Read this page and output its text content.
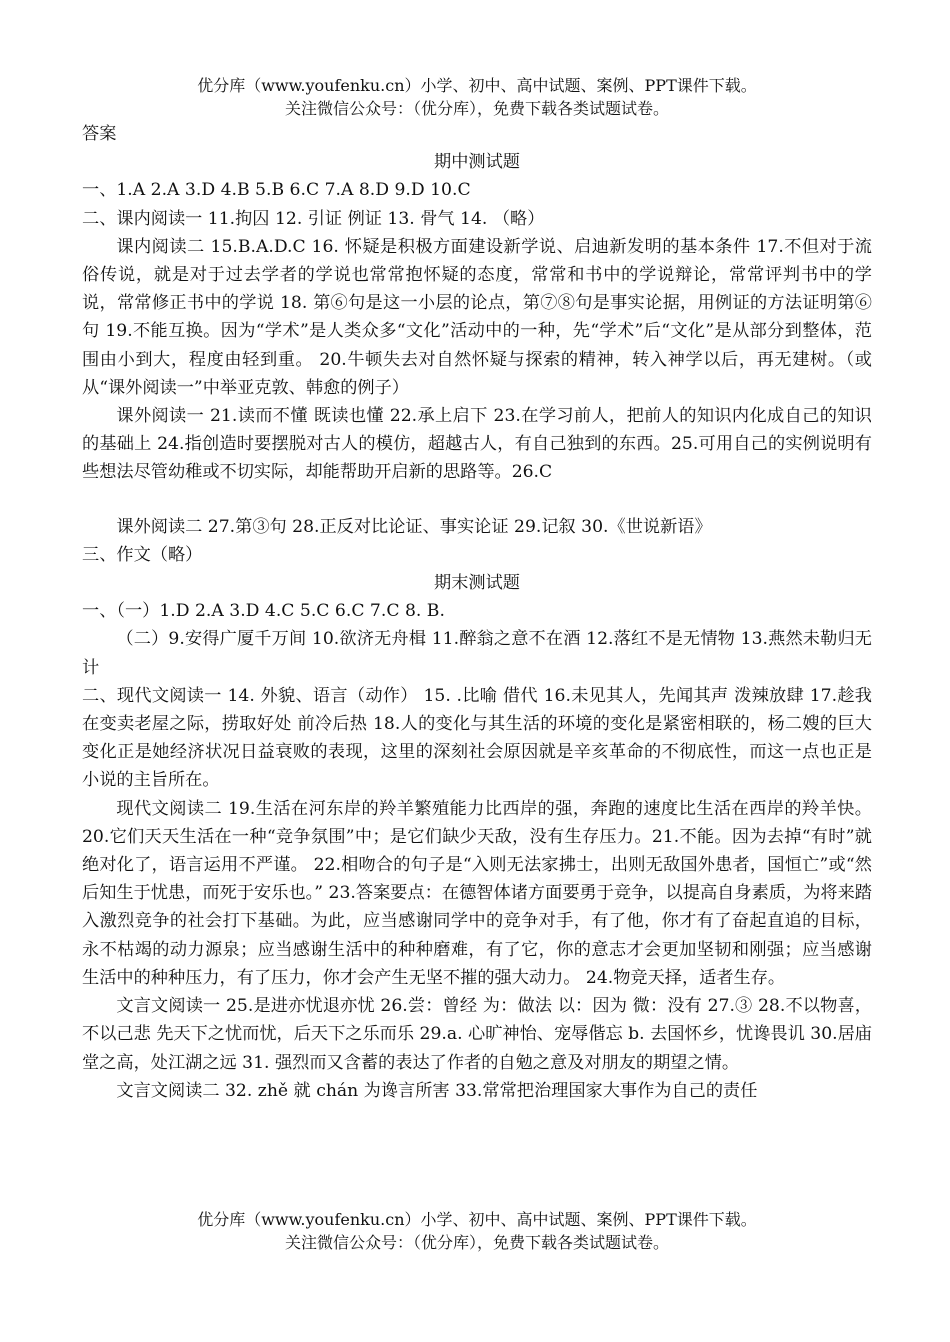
优分库（www.youfenku.cn）小学、初中、高中试题、案例、PPT课件下载。

关注微信公众号：（优分库），免费下载各类试题试卷。

答案

期中测试题

一、1.A 2.A 3.D 4.B 5.B 6.C 7.A 8.D 9.D 10.C

二、课内阅读一 11.拘囚 12. 引证 例证 13. 骨气 14. （略）

课内阅读二 15.B.A.D.C 16. 怀疑是积极方面建设新学说、启迪新发明的基本条件 17.不但对于流俗传说，就是对于过去学者的学说也常常抱怀疑的态度，常常和书中的学说辩论，常常评判书中的学说，常常修正书中的学说 18. 第⑥句是这一小层的论点，第⑦⑧句是事实论据，用例证的方法证明第⑥句 19.不能互换。因为“学术”是人类众多“文化”活动中的一种，先“学术”后“文化”是从部分到整体，范围由小到大，程度由轻到重。 20.牛顿失去对自然怀疑与探索的精神，转入神学以后，再无建树。（或从“课外阅读一”中举亚克敦、韩愈的例子）

课外阅读一 21.读而不懂 既读也懂 22.承上启下 23.在学习前人，把前人的知识内化成自己的知识的基础上 24.指创造时要摆脱对古人的模仿，超越古人，有自己独到的东西。25.可用自己的实例说明有些想法尽管幼稚或不切实际，却能帮助开启新的思路等。26.C

课外阅读二 27.第③句 28.正反对比论证、事实论证 29.记叙 30.《世说新语》

三、作文（略）

期末测试题

一、（一）1.D 2.A 3.D 4.C 5.C 6.C 7.C 8. B.

（二）9.安得广厦千万间 10.欲济无舟楫 11.醉翁之意不在酒 12.落红不是无情物 13.燕然未勒归无计

二、现代文阅读一 14. 外貌、语言（动作） 15. .比喻 借代 16.未见其人，先闻其声 泼辣放肆 17.趁我在变卖老屋之际，捞取好处 前冷后热 18.人的变化与其生活的环境的变化是紧密相联的，杨二嫂的巨大变化正是她经济状况日益衰败的表现，这里的深刻社会原因就是辛亥革命的不彻底性，而这一点也正是小说的主旨所在。

现代文阅读二 19.生活在河东岸的羚羊繁殖能力比西岸的强，奔跑的速度比生活在西岸的羚羊快。 20.它们天天生活在一种“竞争氛围”中；是它们缺少天敌，没有生存压力。21.不能。因为去掉“有时”就绝对化了，语言运用不严谨。 22.相吻合的句子是“入则无法家拂士，出则无敌国外患者，国恒亡”或“然后知生于忧患，而死于安乐也。” 23.答案要点：在德智体诸方面要勇于竞争，以提高自身素质，为将来踏入激烈竞争的社会打下基础。为此，应当感谢同学中的竞争对手，有了他，你才有了奋起直追的目标，永不枯竭的动力源泉；应当感谢生活中的种种磨难，有了它，你的意志才会更加坚韧和刚强；应当感谢生活中的种种压力，有了压力，你才会产生无坚不摧的强大动力。 24.物竞天择，适者生存。

文言文阅读一 25.是进亦忧退亦忧 26.尝：曾经 为：做法 以：因为 微：没有 27.③ 28.不以物喜，不以己悲 先天下之忧而忧，后天下之乐而乐 29.a. 心旷神怡、宠辱偕忘 b. 去国怀乡，忧谗畏讥 30.居庙堂之高，处江湖之远 31. 强烈而又含蓄的表达了作者的自勉之意及对朋友的期望之情。

文言文阅读二 32. zhě 就 chán 为谗言所害 33.常常把治理国家大事作为自己的责任

优分库（www.youfenku.cn）小学、初中、高中试题、案例、PPT课件下载。

关注微信公众号：（优分库），免费下载各类试题试卷。
